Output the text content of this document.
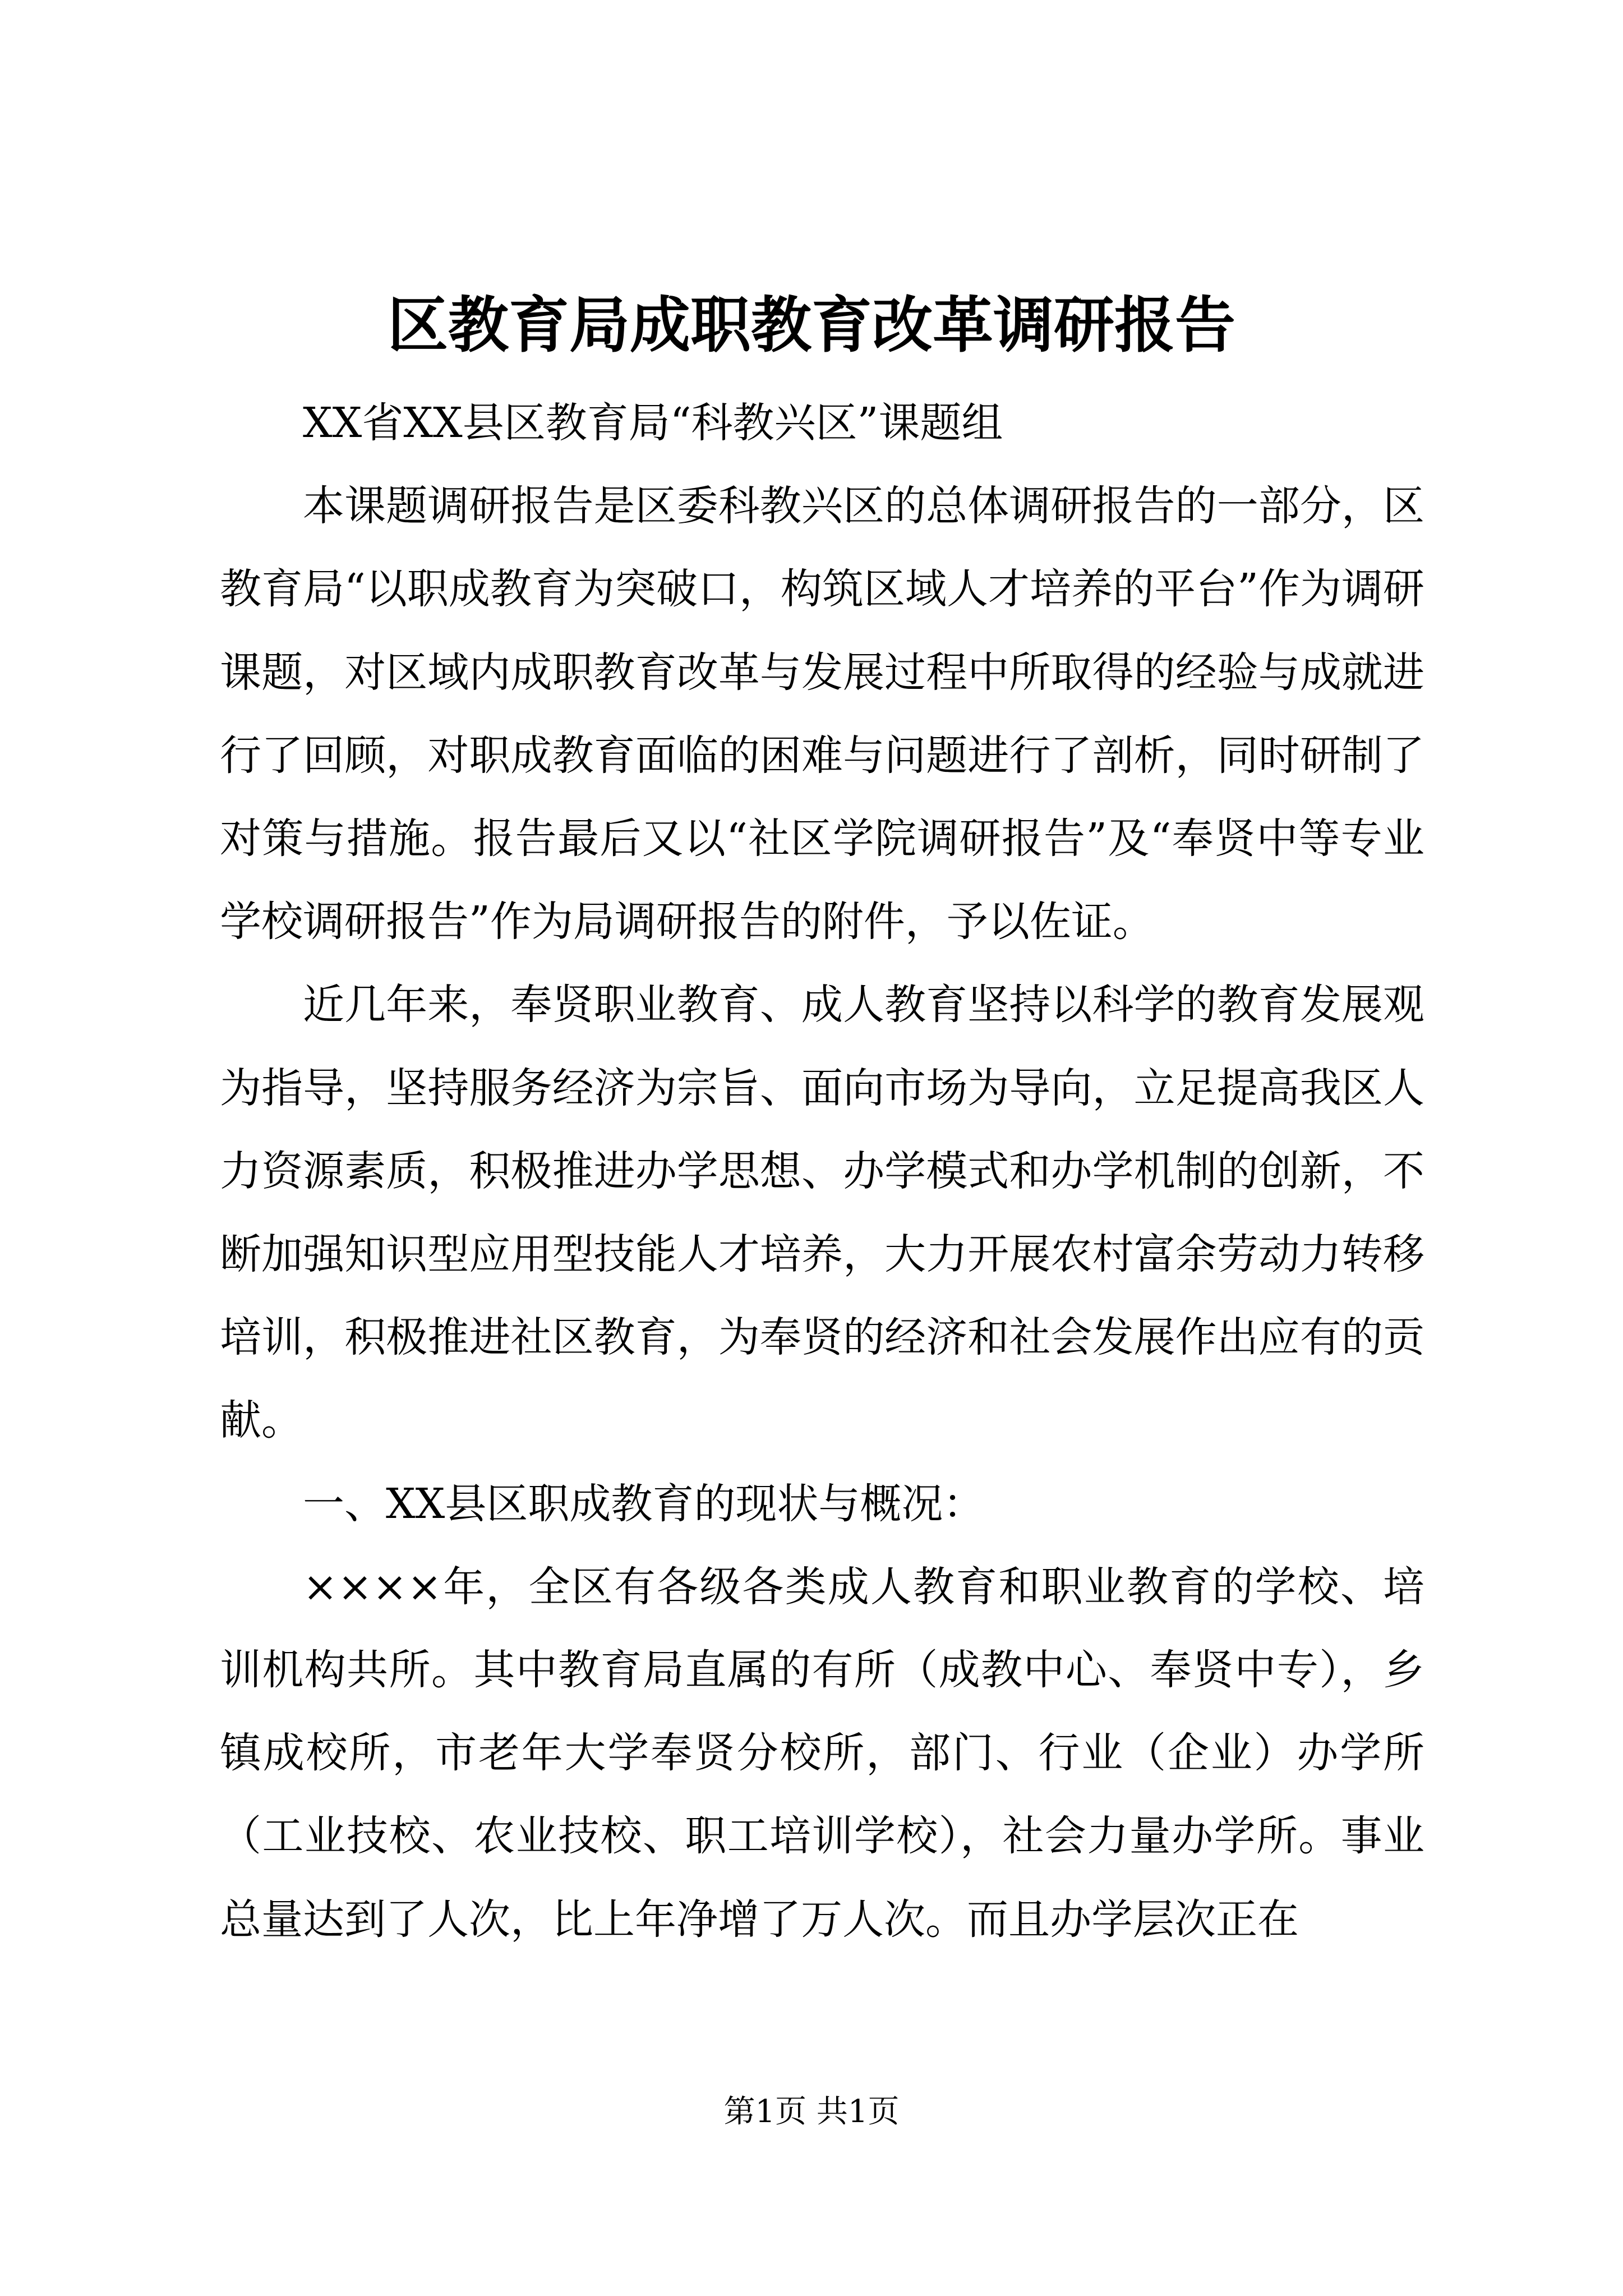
区教育局成职教育改革调研报告

XX省XX县区教育局“科教兴区”课题组

本课题调研报告是区委科教兴区的总体调研报告的一部分，区教育局“以职成教育为突破口，构筑区域人才培养的平台”作为调研课题，对区域内成职教育改革与发展过程中所取得的经验与成就进行了回顾，对职成教育面临的困难与问题进行了剖析，同时研制了对策与措施。报告最后又以“社区学院调研报告”及“奉贤中等专业学校调研报告”作为局调研报告的附件，予以佐证。

近几年来，奉贤职业教育、成人教育坚持以科学的教育发展观为指导，坚持服务经济为宗旨、面向市场为导向，立足提高我区人力资源素质，积极推进办学思想、办学模式和办学机制的创新，不断加强知识型应用型技能人才培养，大力开展农村富余劳动力转移培训，积极推进社区教育，为奉贤的经济和社会发展作出应有的贡献。

一、XX县区职成教育的现状与概况：

××××年，全区有各级各类成人教育和职业教育的学校、培训机构共所。其中教育局直属的有所（成教中心、奉贤中专），乡镇成校所，市老年大学奉贤分校所，部门、行业（企业）办学所（工业技校、农业技校、职工培训学校），社会力量办学所。事业总量达到了人次，比上年净增了万人次。而且办学层次正在

第1页 共1页
